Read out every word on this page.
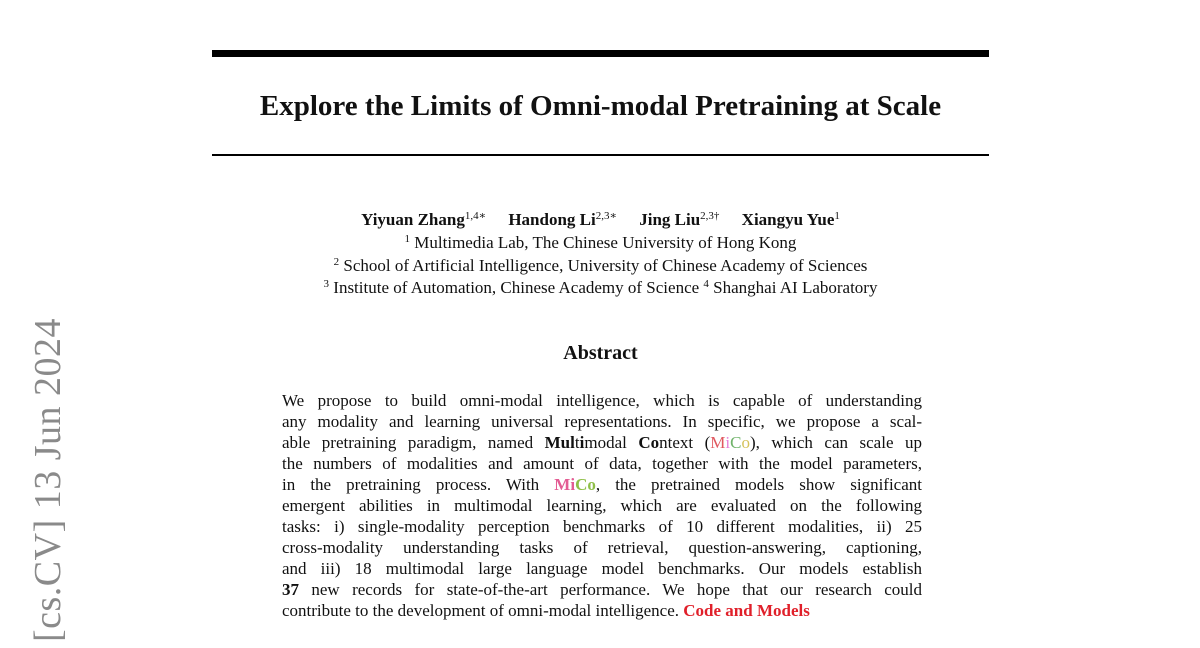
Explore the Limits of Omni-modal Pretraining at Scale
Yiyuan Zhang$^{1,4∗}$ Handong $Li^{2,3∗}$ Jing Liu$^{2,3\dagger}$ Xiangyu Yue$^1$
$^1$ Multimedia Lab, The Chinese University of Hong Kong
$^2$ School of Artificial Intelligence, University of Chinese Academy of Sciences
$^3$ Institute of Automation, Chinese Academy of Science $^4$ Shanghai AI Laboratory
Abstract
We propose to build omni-modal intelligence, which is capable of understanding
any modality and learning universal representations. In specific, we propose a scal-
able pretraining paradigm, named Multimodal Context (MiCo), which can scale up
the numbers of modalities and amount of data, together with the model parameters,
in the pretraining process. With MiCo, the pretrained models show significant
emergent abilities in multimodal learning, which are evaluated on the following
tasks: i) single-modality perception benchmarks of 10 different modalities, ii) 25
cross-modality understanding tasks of retrieval, question-answering, captioning,
and iii) 18 multimodal large language model benchmarks. Our models establish
37 new records for state-of-the-art performance. We hope that our research could
contribute to the development of omni-modal intelligence. Code and Models
[cs.CV] 13 Jun 2024
